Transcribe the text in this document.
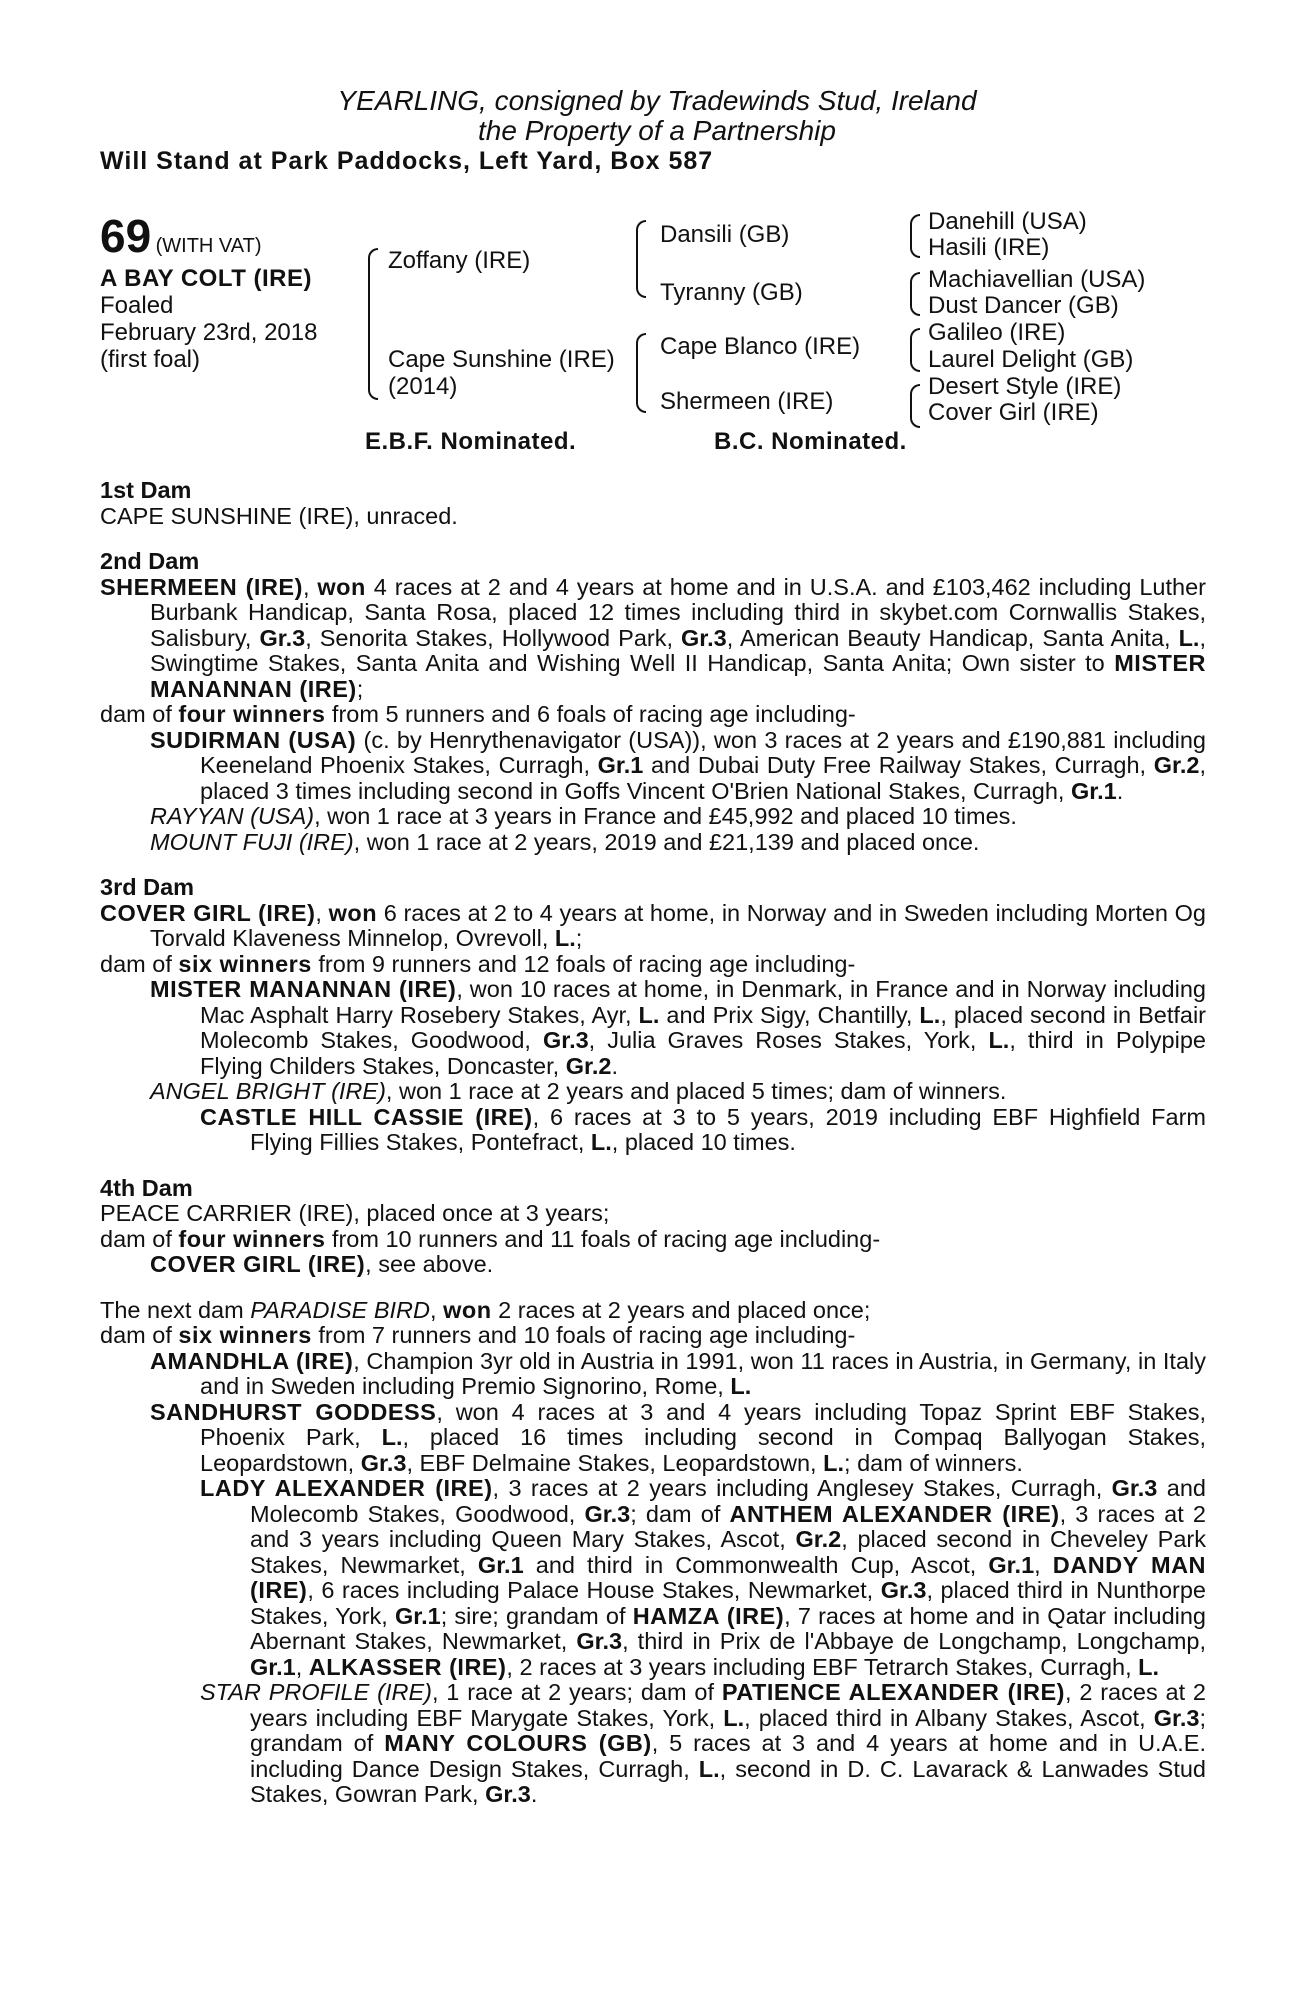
YEARLING, consigned by Tradewinds Stud, Ireland
the Property of a Partnership
Will Stand at Park Paddocks, Left Yard, Box 587
69 (WITH VAT)
A BAY COLT (IRE)
Foaled
February 23rd, 2018
(first foal)
Zoffany (IRE)
Cape Sunshine (IRE)
(2014)
Dansili (GB)
Tyranny (GB)
Cape Blanco (IRE)
Shermeen (IRE)
Danehill (USA)
Hasili (IRE)
Machiavellian (USA)
Dust Dancer (GB)
Galileo (IRE)
Laurel Delight (GB)
Desert Style (IRE)
Cover Girl (IRE)
E.B.F. Nominated.	B.C. Nominated.
1st Dam
CAPE SUNSHINE (IRE), unraced.
2nd Dam
SHERMEEN (IRE), won 4 races at 2 and 4 years at home and in U.S.A. and £103,462 including Luther Burbank Handicap, Santa Rosa, placed 12 times including third in skybet.com Cornwallis Stakes, Salisbury, Gr.3, Senorita Stakes, Hollywood Park, Gr.3, American Beauty Handicap, Santa Anita, L., Swingtime Stakes, Santa Anita and Wishing Well II Handicap, Santa Anita; Own sister to MISTER MANANNAN (IRE);
dam of four winners from 5 runners and 6 foals of racing age including-
SUDIRMAN (USA) (c. by Henrythenavigator (USA)), won 3 races at 2 years and £190,881 including Keeneland Phoenix Stakes, Curragh, Gr.1 and Dubai Duty Free Railway Stakes, Curragh, Gr.2, placed 3 times including second in Goffs Vincent O'Brien National Stakes, Curragh, Gr.1.
RAYYAN (USA), won 1 race at 3 years in France and £45,992 and placed 10 times.
MOUNT FUJI (IRE), won 1 race at 2 years, 2019 and £21,139 and placed once.
3rd Dam
COVER GIRL (IRE), won 6 races at 2 to 4 years at home, in Norway and in Sweden including Morten Og Torvald Klaveness Minnelop, Ovrevoll, L.;
dam of six winners from 9 runners and 12 foals of racing age including-
MISTER MANANNAN (IRE), won 10 races at home, in Denmark, in France and in Norway including Mac Asphalt Harry Rosebery Stakes, Ayr, L. and Prix Sigy, Chantilly, L., placed second in Betfair Molecomb Stakes, Goodwood, Gr.3, Julia Graves Roses Stakes, York, L., third in Polypipe Flying Childers Stakes, Doncaster, Gr.2.
ANGEL BRIGHT (IRE), won 1 race at 2 years and placed 5 times; dam of winners.
CASTLE HILL CASSIE (IRE), 6 races at 3 to 5 years, 2019 including EBF Highfield Farm Flying Fillies Stakes, Pontefract, L., placed 10 times.
4th Dam
PEACE CARRIER (IRE), placed once at 3 years;
dam of four winners from 10 runners and 11 foals of racing age including-
COVER GIRL (IRE), see above.
The next dam PARADISE BIRD, won 2 races at 2 years and placed once;
dam of six winners from 7 runners and 10 foals of racing age including-
AMANDHLA (IRE), Champion 3yr old in Austria in 1991, won 11 races in Austria, in Germany, in Italy and in Sweden including Premio Signorino, Rome, L.
SANDHURST GODDESS, won 4 races at 3 and 4 years including Topaz Sprint EBF Stakes, Phoenix Park, L., placed 16 times including second in Compaq Ballyogan Stakes, Leopardstown, Gr.3, EBF Delmaine Stakes, Leopardstown, L.; dam of winners.
LADY ALEXANDER (IRE), 3 races at 2 years including Anglesey Stakes, Curragh, Gr.3 and Molecomb Stakes, Goodwood, Gr.3; dam of ANTHEM ALEXANDER (IRE), 3 races at 2 and 3 years including Queen Mary Stakes, Ascot, Gr.2, placed second in Cheveley Park Stakes, Newmarket, Gr.1 and third in Commonwealth Cup, Ascot, Gr.1, DANDY MAN (IRE), 6 races including Palace House Stakes, Newmarket, Gr.3, placed third in Nunthorpe Stakes, York, Gr.1; sire; grandam of HAMZA (IRE), 7 races at home and in Qatar including Abernant Stakes, Newmarket, Gr.3, third in Prix de l'Abbaye de Longchamp, Longchamp, Gr.1, ALKASSER (IRE), 2 races at 3 years including EBF Tetrarch Stakes, Curragh, L.
STAR PROFILE (IRE), 1 race at 2 years; dam of PATIENCE ALEXANDER (IRE), 2 races at 2 years including EBF Marygate Stakes, York, L., placed third in Albany Stakes, Ascot, Gr.3; grandam of MANY COLOURS (GB), 5 races at 3 and 4 years at home and in U.A.E. including Dance Design Stakes, Curragh, L., second in D. C. Lavarack & Lanwades Stud Stakes, Gowran Park, Gr.3.
